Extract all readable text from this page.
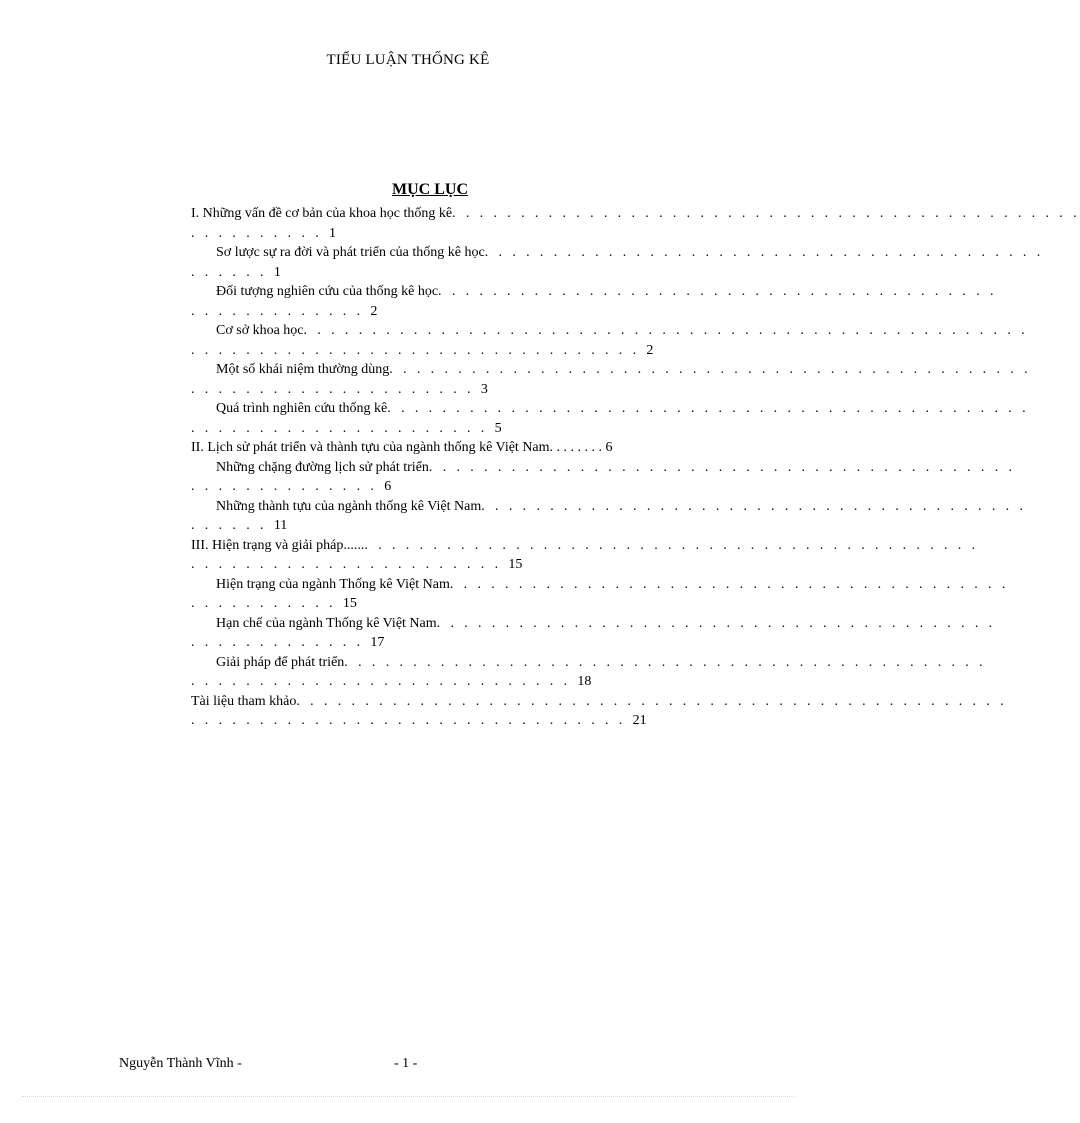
TIỂU LUẬN THỐNG KÊ
MỤC LỤC
I. Những vấn đề cơ bản của khoa học thống kê . . . . . . . . . . . . . . . . . . . . . . . . . . . . . . . . . . . . . . . . . . . . . .
. . . . . . . . . . 1
Sơ lược sự ra đời và phát triển của thống kê học . . . . . . . . . . . . . . . . . . . . . . . . . . . . . . . . . . . . . . . . .
. . . . . . 1
Đối tượng nghiên cứu của thống kê học . . . . . . . . . . . . . . . . . . . . . . . . . . . . . . . . . . . . . . . . .
. . . . . . . . . . . . . 2
Cơ sở khoa học . . . . . . . . . . . . . . . . . . . . . . . . . . . . . . . . . . . . . . . . . . . . . . . . . . . . .
. . . . . . . . . . . . . . . . . . . . . . . . . . . . . . . . . 2
Một số khái niệm thường dùng . . . . . . . . . . . . . . . . . . . . . . . . . . . . . . . . . . . . . . . . . . . . . . .
. . . . . . . . . . . . . . . . . . . . . 3
Quá trình nghiên cứu thống kê . . . . . . . . . . . . . . . . . . . . . . . . . . . . . . . . . . . . . . . . . . . . . . .
. . . . . . . . . . . . . . . . . . . . . . 5
II. Lịch sử phát triển và thành tựu của ngành thống kê Việt Nam. . . . . . . . 6
Những chặng đường lịch sử phát triển . . . . . . . . . . . . . . . . . . . . . . . . . . . . . . . . . . . . . . . . . . .
. . . . . . . . . . . . . . 6
Những thành tựu của ngành thống kê Việt Nam . . . . . . . . . . . . . . . . . . . . . . . . . . . . . . . . . . . . . . . .
. . . . . . 11
III. Hiện trạng và giải pháp...... . . . . . . . . . . . . . . . . . . . . . . . . . . . . . . . . . . . . . . . . . . . . .
. . . . . . . . . . . . . . . . . . . . . . . 15
Hiện trạng của ngành Thống kê Việt Nam . . . . . . . . . . . . . . . . . . . . . . . . . . . . . . . . . . . . . . . . .
. . . . . . . . . . . 15
Hạn chế của ngành Thống kê Việt Nam . . . . . . . . . . . . . . . . . . . . . . . . . . . . . . . . . . . . . . . . .
. . . . . . . . . . . . . 17
Giải pháp để phát triển . . . . . . . . . . . . . . . . . . . . . . . . . . . . . . . . . . . . . . . . . . . . . . .
. . . . . . . . . . . . . . . . . . . . . . . . . . . . 18
Tài liệu tham khảo . . . . . . . . . . . . . . . . . . . . . . . . . . . . . . . . . . . . . . . . . . . . . . . . . . . .
. . . . . . . . . . . . . . . . . . . . . . . . . . . . . . . . 21
Nguyễn Thành Vĩnh -	- 1 -
